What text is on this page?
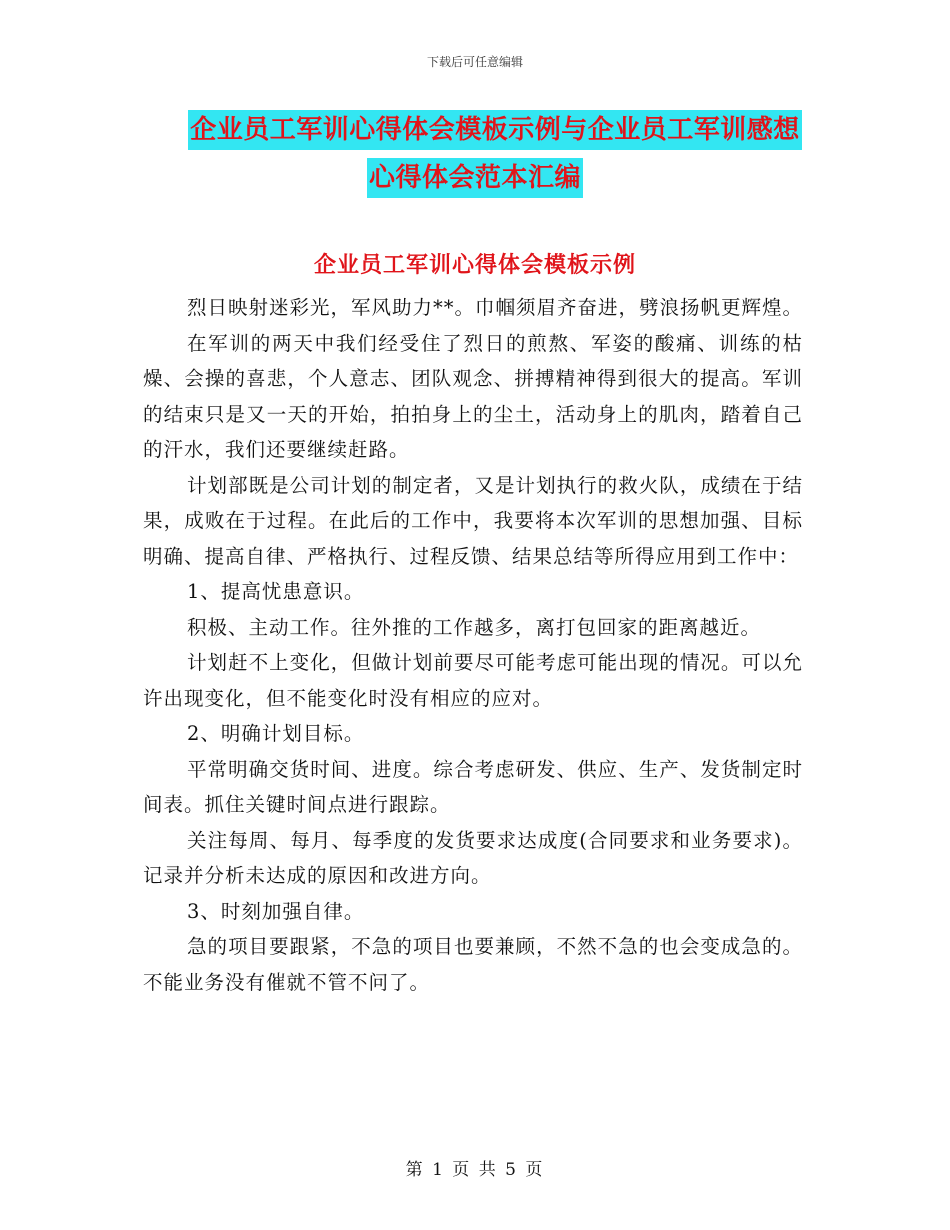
下载后可任意编辑
企业员工军训心得体会模板示例与企业员工军训感想
心得体会范本汇编
企业员工军训心得体会模板示例

烈日映射迷彩光，军风助力**。巾帼须眉齐奋进，劈浪扬帆更辉煌。

在军训的两天中我们经受住了烈日的煎熬、军姿的酸痛、训练的枯燥、会操的喜悲，个人意志、团队观念、拼搏精神得到很大的提高。军训的结束只是又一天的开始，拍拍身上的尘土，活动身上的肌肉，踏着自己的汗水，我们还要继续赶路。

计划部既是公司计划的制定者，又是计划执行的救火队，成绩在于结果，成败在于过程。在此后的工作中，我要将本次军训的思想加强、目标明确、提高自律、严格执行、过程反馈、结果总结等所得应用到工作中：

1、提高忧患意识。

积极、主动工作。往外推的工作越多，离打包回家的距离越近。

计划赶不上变化，但做计划前要尽可能考虑可能出现的情况。可以允许出现变化，但不能变化时没有相应的应对。

2、明确计划目标。

平常明确交货时间、进度。综合考虑研发、供应、生产、发货制定时间表。抓住关键时间点进行跟踪。

关注每周、每月、每季度的发货要求达成度(合同要求和业务要求)。记录并分析未达成的原因和改进方向。

3、时刻加强自律。

急的项目要跟紧，不急的项目也要兼顾，不然不急的也会变成急的。不能业务没有催就不管不问了。

第 1 页 共 5 页
